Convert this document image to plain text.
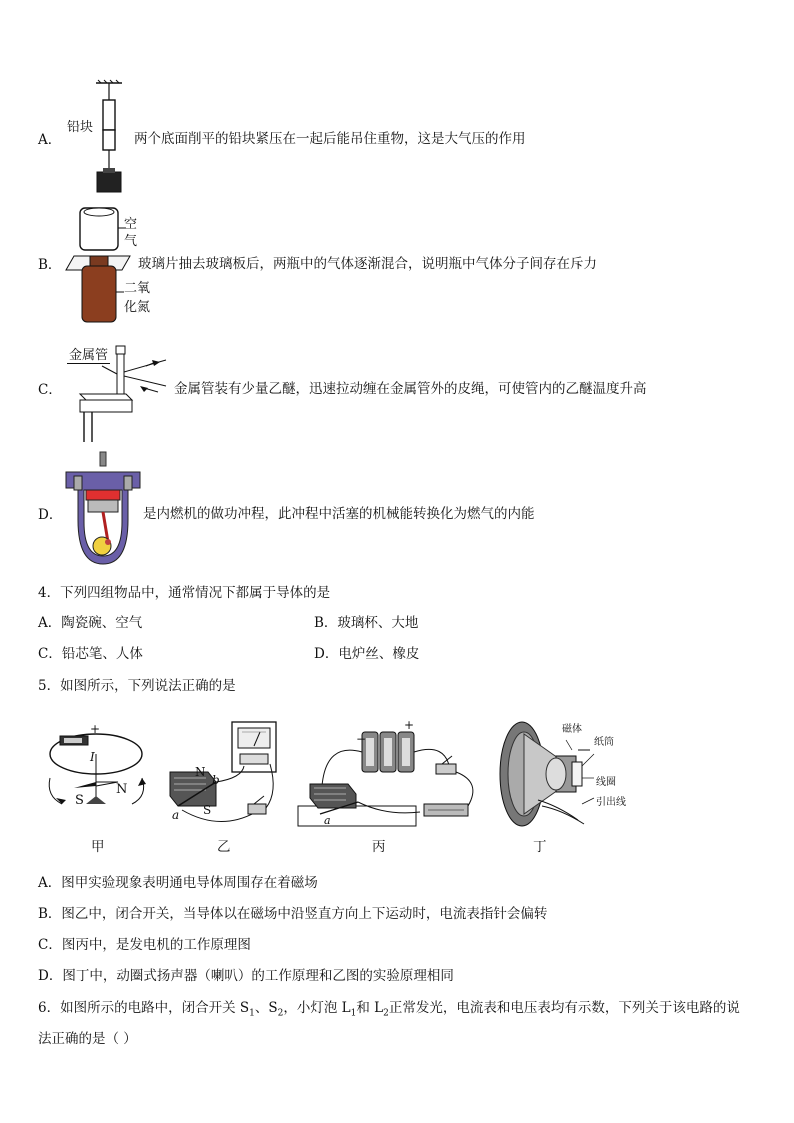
铅块
A．	两个底面削平的铅块紧压在一起后能吊住重物，这是大气压的作用
空
气
二氧
化氮
B．	玻璃片抽去玻璃板后，两瓶中的气体逐渐混合，说明瓶中气体分子间存在斥力
金属管
C．	金属管装有少量乙醚，迅速拉动缠在金属管外的皮绳，可使管内的乙醚温度升高
D．	是内燃机的做功冲程，此冲程中活塞的机械能转换化为燃气的内能
4．下列四组物品中，通常情况下都属于导体的是
A．陶瓷碗、空气	B．玻璃杯、大地
C．铅芯笔、人体	D．电炉丝、橡皮
5．如图所示，下列说法正确的是
+
I
S
N
甲
N
S
a
b
乙
+
−
a
丙
磁体
纸筒
线圈
引出线
丁
A．图甲实验现象表明通电导体周围存在着磁场
B．图乙中，闭合开关，当导体以在磁场中沿竖直方向上下运动时，电流表指针会偏转
C．图丙中，是发电机的工作原理图
D．图丁中，动圈式扬声器（喇叭）的工作原理和乙图的实验原理相同
6．如图所示的电路中，闭合开关 $S_1$、$S_2$，小灯泡 $L_1$和 $L_2$正常发光，电流表和电压表均有示数，下列关于该电路的说
法正确的是（ ）
